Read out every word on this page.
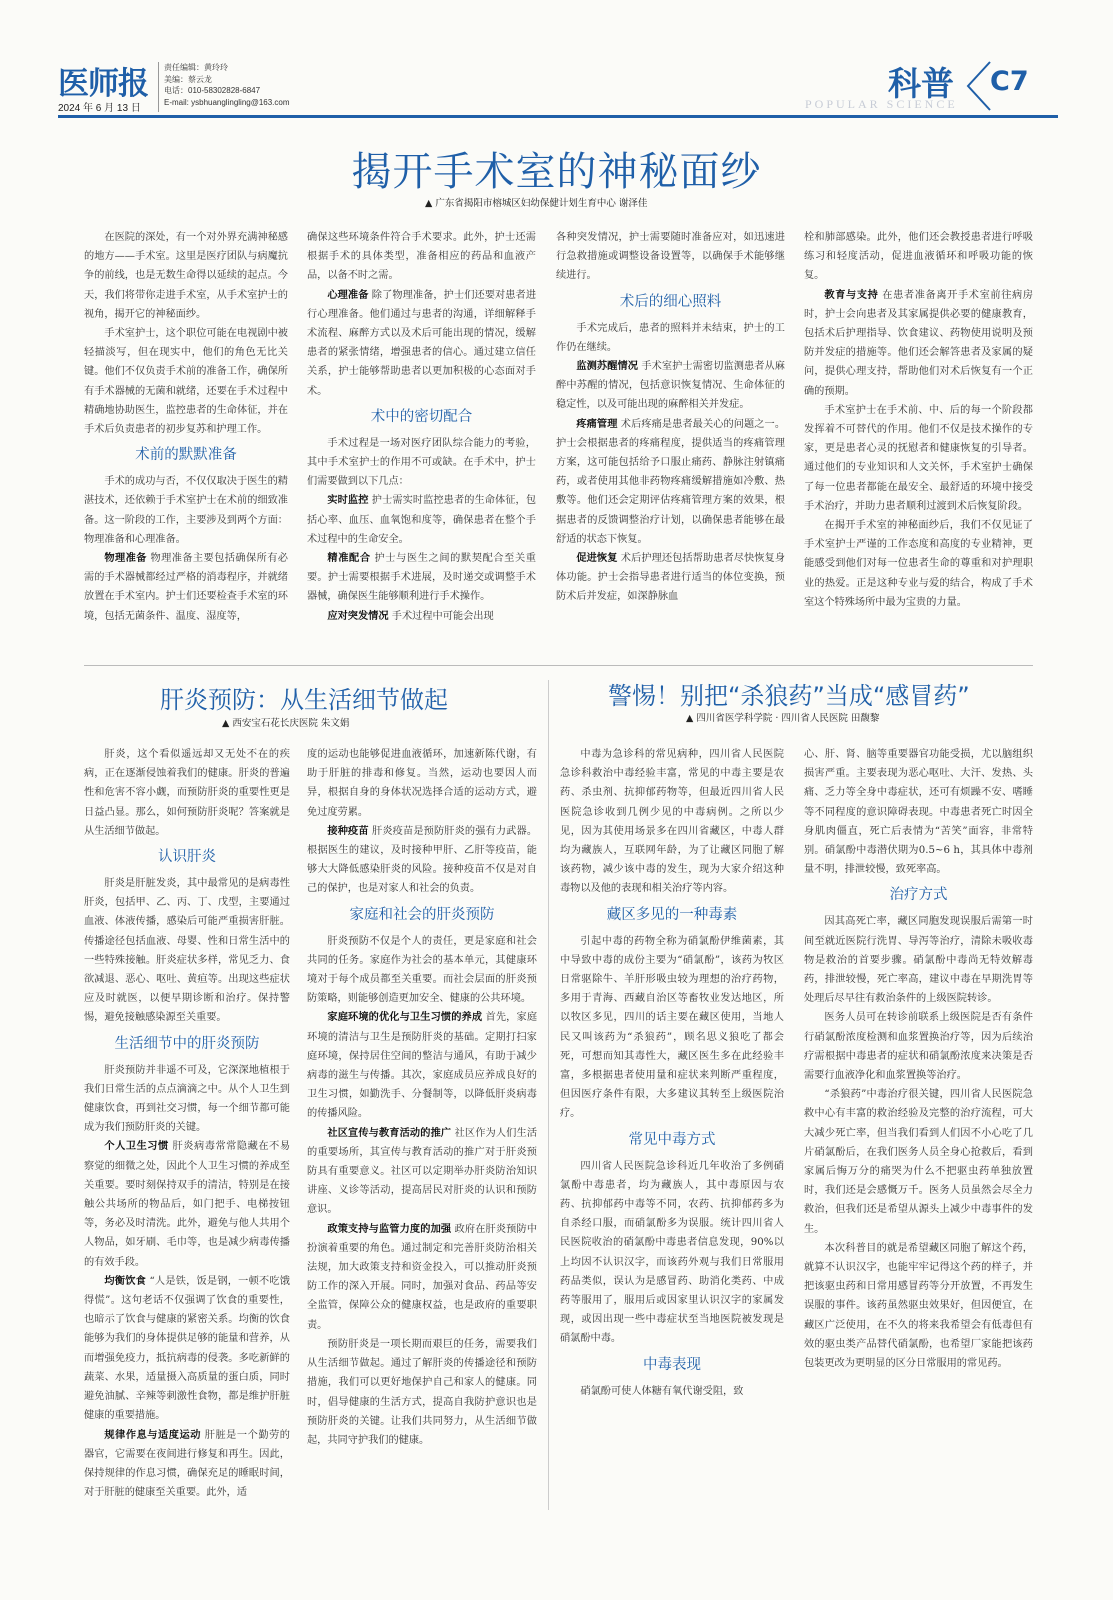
医师报
2024 年 6 月 13 日
责任编辑：黄玲玲
美编：蔡云龙
电话：010-58302828-6847
E-mail: ysbhuanglingling@163.com	科普 C7
POPULAR SCIENCE
揭开手术室的神秘面纱
▲ 广东省揭阳市榕城区妇幼保健计划生育中心 谢泽佳

在医院的深处，有一个对外界充满神秘感的地方——手术室。这里是医疗团队与病魔抗争的前线，也是无数生命得以延续的起点。今天，我们将带你走进手术室，从手术室护士的视角，揭开它的神秘面纱。

手术室护士，这个职位可能在电视剧中被轻描淡写，但在现实中，他们的角色无比关键。他们不仅负责手术前的准备工作，确保所有手术器械的无菌和就绪，还要在手术过程中精确地协助医生，监控患者的生命体征，并在手术后负责患者的初步复苏和护理工作。

术前的默默准备

手术的成功与否，不仅仅取决于医生的精湛技术，还依赖于手术室护士在术前的细致准备。这一阶段的工作，主要涉及到两个方面：物理准备和心理准备。

物理准备 物理准备主要包括确保所有必需的手术器械都经过严格的消毒程序，并就绪放置在手术室内。护士们还要检查手术室的环境，包括无菌条件、温度、湿度等，

确保这些环境条件符合手术要求。此外，护士还需根据手术的具体类型，准备相应的药品和血液产品，以备不时之需。

心理准备 除了物理准备，护士们还要对患者进行心理准备。他们通过与患者的沟通，详细解释手术流程、麻醉方式以及术后可能出现的情况，缓解患者的紧张情绪，增强患者的信心。通过建立信任关系，护士能够帮助患者以更加积极的心态面对手术。

术中的密切配合

手术过程是一场对医疗团队综合能力的考验，其中手术室护士的作用不可或缺。在手术中，护士们需要做到以下几点：

实时监控 护士需实时监控患者的生命体征，包括心率、血压、血氧饱和度等，确保患者在整个手术过程中的生命安全。

精准配合 护士与医生之间的默契配合至关重要。护士需要根据手术进展，及时递交或调整手术器械，确保医生能够顺利进行手术操作。

应对突发情况 手术过程中可能会出现

各种突发情况，护士需要随时准备应对，如迅速进行急救措施或调整设备设置等，以确保手术能够继续进行。

术后的细心照料

手术完成后，患者的照料并未结束，护士的工作仍在继续。

监测苏醒情况 手术室护士需密切监测患者从麻醉中苏醒的情况，包括意识恢复情况、生命体征的稳定性，以及可能出现的麻醉相关并发症。

疼痛管理 术后疼痛是患者最关心的问题之一。护士会根据患者的疼痛程度，提供适当的疼痛管理方案，这可能包括给予口服止痛药、静脉注射镇痛药，或者使用其他非药物疼痛缓解措施如冷敷、热敷等。他们还会定期评估疼痛管理方案的效果，根据患者的反馈调整治疗计划，以确保患者能够在最舒适的状态下恢复。

促进恢复 术后护理还包括帮助患者尽快恢复身体功能。护士会指导患者进行适当的体位变换，预防术后并发症，如深静脉血

栓和肺部感染。此外，他们还会教授患者进行呼吸练习和轻度活动，促进血液循环和呼吸功能的恢复。

教育与支持 在患者准备离开手术室前往病房时，护士会向患者及其家属提供必要的健康教育，包括术后护理指导、饮食建议、药物使用说明及预防并发症的措施等。他们还会解答患者及家属的疑问，提供心理支持，帮助他们对术后恢复有一个正确的预期。

手术室护士在手术前、中、后的每一个阶段都发挥着不可替代的作用。他们不仅是技术操作的专家，更是患者心灵的抚慰者和健康恢复的引导者。通过他们的专业知识和人文关怀，手术室护士确保了每一位患者都能在最安全、最舒适的环境中接受手术治疗，并助力患者顺利过渡到术后恢复阶段。

在揭开手术室的神秘面纱后，我们不仅见证了手术室护士严谨的工作态度和高度的专业精神，更能感受到他们对每一位患者生命的尊重和对护理职业的热爱。正是这种专业与爱的结合，构成了手术室这个特殊场所中最为宝贵的力量。

肝炎预防：从生活细节做起
▲ 西安宝石花长庆医院 朱文娟

肝炎，这个看似遥远却又无处不在的疾病，正在逐渐侵蚀着我们的健康。肝炎的普遍性和危害不容小觑，而预防肝炎的重要性更是日益凸显。那么，如何预防肝炎呢？答案就是从生活细节做起。

认识肝炎

肝炎是肝脏发炎，其中最常见的是病毒性肝炎，包括甲、乙、丙、丁、戊型，主要通过血液、体液传播，感染后可能严重损害肝脏。传播途径包括血液、母婴、性和日常生活中的一些特殊接触。肝炎症状多样，常见乏力、食欲减退、恶心、呕吐、黄疸等。出现这些症状应及时就医，以便早期诊断和治疗。保持警惕，避免接触感染源至关重要。

生活细节中的肝炎预防

肝炎预防并非遥不可及，它深深地植根于我们日常生活的点点滴滴之中。从个人卫生到健康饮食，再到社交习惯，每一个细节都可能成为我们预防肝炎的关键。

个人卫生习惯 肝炎病毒常常隐藏在不易察觉的细微之处，因此个人卫生习惯的养成至关重要。要时刻保持双手的清洁，特别是在接触公共场所的物品后，如门把手、电梯按钮等，务必及时清洗。此外，避免与他人共用个人物品，如牙刷、毛巾等，也是减少病毒传播的有效手段。

均衡饮食 “人是铁，饭是钢，一顿不吃饿得慌”。这句老话不仅强调了饮食的重要性，也暗示了饮食与健康的紧密关系。均衡的饮食能够为我们的身体提供足够的能量和营养，从而增强免疫力，抵抗病毒的侵袭。多吃新鲜的蔬菜、水果，适量摄入高质量的蛋白质，同时避免油腻、辛辣等刺激性食物，都是维护肝脏健康的重要措施。

规律作息与适度运动 肝脏是一个勤劳的器官，它需要在夜间进行修复和再生。因此，保持规律的作息习惯，确保充足的睡眠时间，对于肝脏的健康至关重要。此外，适

度的运动也能够促进血液循环，加速新陈代谢，有助于肝脏的排毒和修复。当然，运动也要因人而异，根据自身的身体状况选择合适的运动方式，避免过度劳累。

接种疫苗 肝炎疫苗是预防肝炎的强有力武器。根据医生的建议，及时接种甲肝、乙肝等疫苗，能够大大降低感染肝炎的风险。接种疫苗不仅是对自己的保护，也是对家人和社会的负责。

家庭和社会的肝炎预防

肝炎预防不仅是个人的责任，更是家庭和社会共同的任务。家庭作为社会的基本单元，其健康环境对于每个成员都至关重要。而社会层面的肝炎预防策略，则能够创造更加安全、健康的公共环境。

家庭环境的优化与卫生习惯的养成 首先，家庭环境的清洁与卫生是预防肝炎的基础。定期打扫家庭环境，保持居住空间的整洁与通风，有助于减少病毒的滋生与传播。其次，家庭成员应养成良好的卫生习惯，如勤洗手、分餐制等，以降低肝炎病毒的传播风险。

社区宣传与教育活动的推广 社区作为人们生活的重要场所，其宣传与教育活动的推广对于肝炎预防具有重要意义。社区可以定期举办肝炎防治知识讲座、义诊等活动，提高居民对肝炎的认识和预防意识。

政策支持与监管力度的加强 政府在肝炎预防中扮演着重要的角色。通过制定和完善肝炎防治相关法规，加大政策支持和资金投入，可以推动肝炎预防工作的深入开展。同时，加强对食品、药品等安全监管，保障公众的健康权益，也是政府的重要职责。

预防肝炎是一项长期而艰巨的任务，需要我们从生活细节做起。通过了解肝炎的传播途径和预防措施，我们可以更好地保护自己和家人的健康。同时，倡导健康的生活方式，提高自我防护意识也是预防肝炎的关键。让我们共同努力，从生活细节做起，共同守护我们的健康。

警惕！别把“杀狼药”当成“感冒药”
▲ 四川省医学科学院 · 四川省人民医院 田馥黎

中毒为急诊科的常见病种，四川省人民医院急诊科救治中毒经验丰富，常见的中毒主要是农药、杀虫剂、抗抑郁药物等，但最近四川省人民医院急诊收到几例少见的中毒病例。之所以少见，因为其使用场景多在四川省藏区，中毒人群均为藏族人，互联网年龄，为了让藏区同胞了解该药物，减少该中毒的发生，现为大家介绍这种毒物以及他的表现和相关治疗等内容。

藏区多见的一种毒素

引起中毒的药物全称为硝氯酚伊维菌素，其中导致中毒的成份主要为“硝氯酚”，该药为牧区日常驱除牛、羊肝形吸虫较为理想的治疗药物，多用于青海、西藏自治区等畜牧业发达地区，所以牧区多见，四川的话主要在藏区使用，当地人民又叫该药为“杀狼药”，顾名思义狼吃了都会死，可想而知其毒性大，藏区医生多在此经验丰富，多根据患者使用量和症状来判断严重程度，但因医疗条件有限，大多建议其转至上级医院治疗。

常见中毒方式

四川省人民医院急诊科近几年收治了多例硝氯酚中毒患者，均为藏族人，其中毒原因与农药、抗抑郁药中毒等不同，农药、抗抑郁药多为自杀经口服，而硝氯酚多为误服。统计四川省人民医院收治的硝氯酚中毒患者信息发现，90%以上均因不认识汉字，而该药外观与我们日常服用药品类似，误认为是感冒药、助消化类药、中成药等服用了，服用后或因家里认识汉字的家属发现，或因出现一些中毒症状至当地医院被发现是硝氯酚中毒。

中毒表现

硝氯酚可使人体糖有氧代谢受阻，致

心、肝、肾、脑等重要器官功能受损，尤以脑组织损害严重。主要表现为恶心呕吐、大汗、发热、头痛、乏力等全身中毒症状，还可有烦躁不安、嗜睡等不同程度的意识障碍表现。中毒患者死亡时因全身肌肉僵直，死亡后表情为“苦笑”面容，非常特别。硝氯酚中毒潜伏期为0.5~6 h，其具体中毒剂量不明，排泄较慢，致死率高。

治疗方式

因其高死亡率，藏区同胞发现误服后需第一时间至就近医院行洗胃、导泻等治疗，清除未吸收毒物是救治的首要步骤。硝氯酚中毒尚无特效解毒药，排泄较慢，死亡率高，建议中毒在早期洗胃等处理后尽早往有救治条件的上级医院转诊。

医务人员可在转诊前联系上级医院是否有条件行硝氯酚浓度检测和血浆置换治疗等，因为后续治疗需根据中毒患者的症状和硝氯酚浓度来决策是否需要行血液净化和血浆置换等治疗。

“杀狼药”中毒治疗很关键，四川省人民医院急救中心有丰富的救治经验及完整的治疗流程，可大大减少死亡率，但当我们看到人们因不小心吃了几片硝氯酚后，在我们医务人员全身心抢救后，看到家属后悔万分的痛哭为什么不把驱虫药单独放置时，我们还是会感慨万千。医务人员虽然会尽全力救治，但我们还是希望从源头上减少中毒事件的发生。

本次科普目的就是希望藏区同胞了解这个药，就算不认识汉字，也能牢牢记得这个药的样子，并把该驱虫药和日常用感冒药等分开放置，不再发生误服的事件。该药虽然驱虫效果好，但因便宜，在藏区广泛使用，在不久的将来我希望会有低毒但有效的驱虫类产品替代硝氯酚，也希望厂家能把该药包装更改为更明显的区分日常服用的常见药。
